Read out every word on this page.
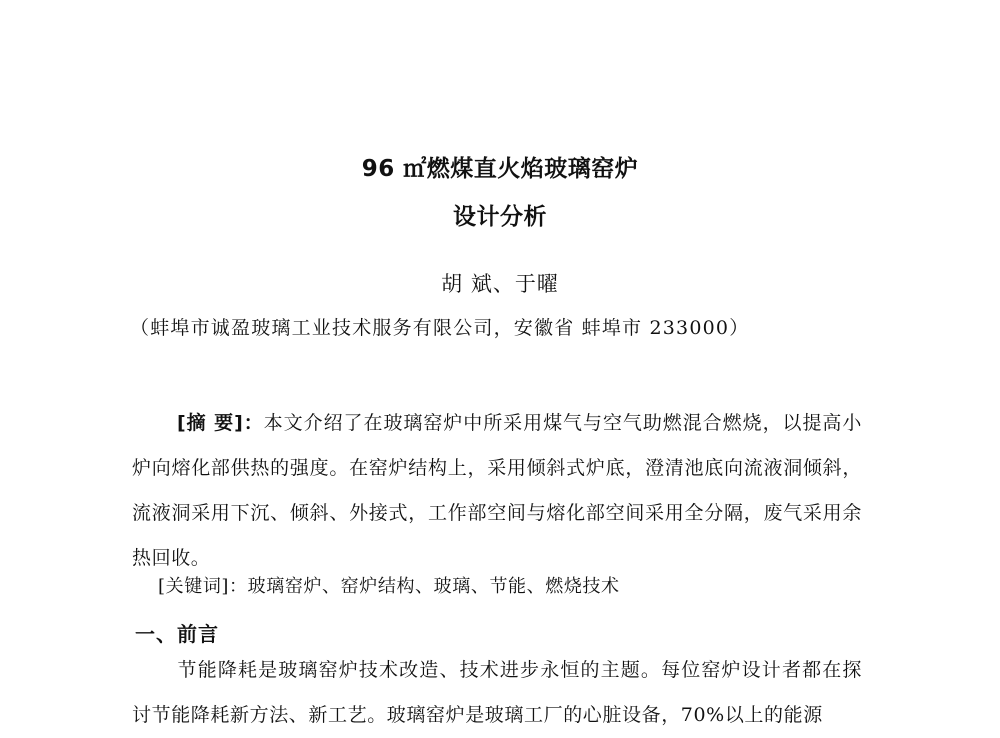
96 ㎡燃煤直火焰玻璃窑炉
设计分析
胡 斌、于曜
（蚌埠市诚盈玻璃工业技术服务有限公司，安徽省 蚌埠市 233000）
[摘 要]：本文介绍了在玻璃窑炉中所采用煤气与空气助燃混合燃烧，以提高小炉向熔化部供热的强度。在窑炉结构上，采用倾斜式炉底，澄清池底向流液洞倾斜，流液洞采用下沉、倾斜、外接式，工作部空间与熔化部空间采用全分隔，废气采用余热回收。
[关键词]：玻璃窑炉、窑炉结构、玻璃、节能、燃烧技术
一、前言
节能降耗是玻璃窑炉技术改造、技术进步永恒的主题。每位窑炉设计者都在探讨节能降耗新方法、新工艺。玻璃窑炉是玻璃工厂的心脏设备，70%以上的能源
